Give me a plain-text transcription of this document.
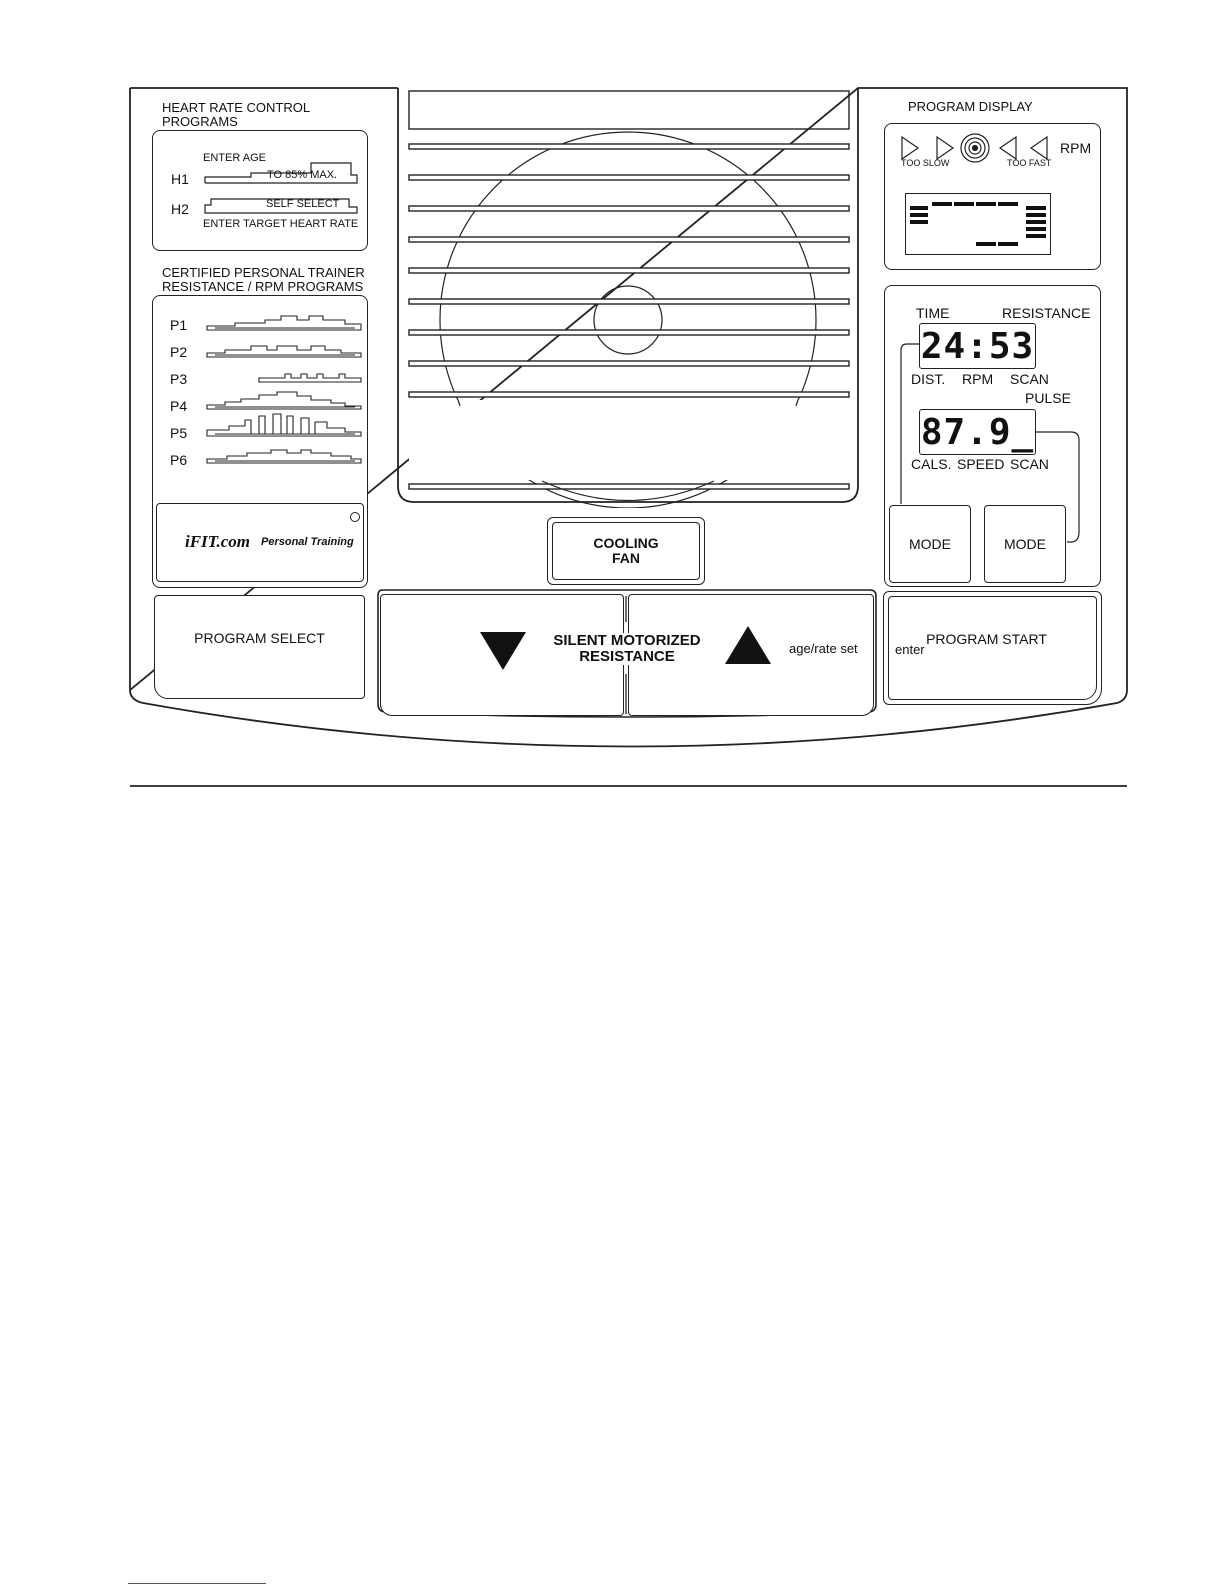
HEART RATE CONTROL
PROGRAMS
ENTER AGE
H1	TO 85% MAX.
H2	SELF SELECT
ENTER TARGET HEART RATE
CERTIFIED PERSONAL TRAINER
RESISTANCE / RPM PROGRAMS
P1
P2
P3
P4
P5
P6
iFIT.com Personal Training
PROGRAM SELECT
COOLING
FAN
SILENT MOTORIZED
RESISTANCE	age/rate set
PROGRAM DISPLAY
RPM
TOO SLOW	TOO FAST
TIME	RESISTANCE
24:53
DIST. RPM SCAN
PULSE
87.9_
CALS. SPEED SCAN
MODE	MODE
PROGRAM START
enter
